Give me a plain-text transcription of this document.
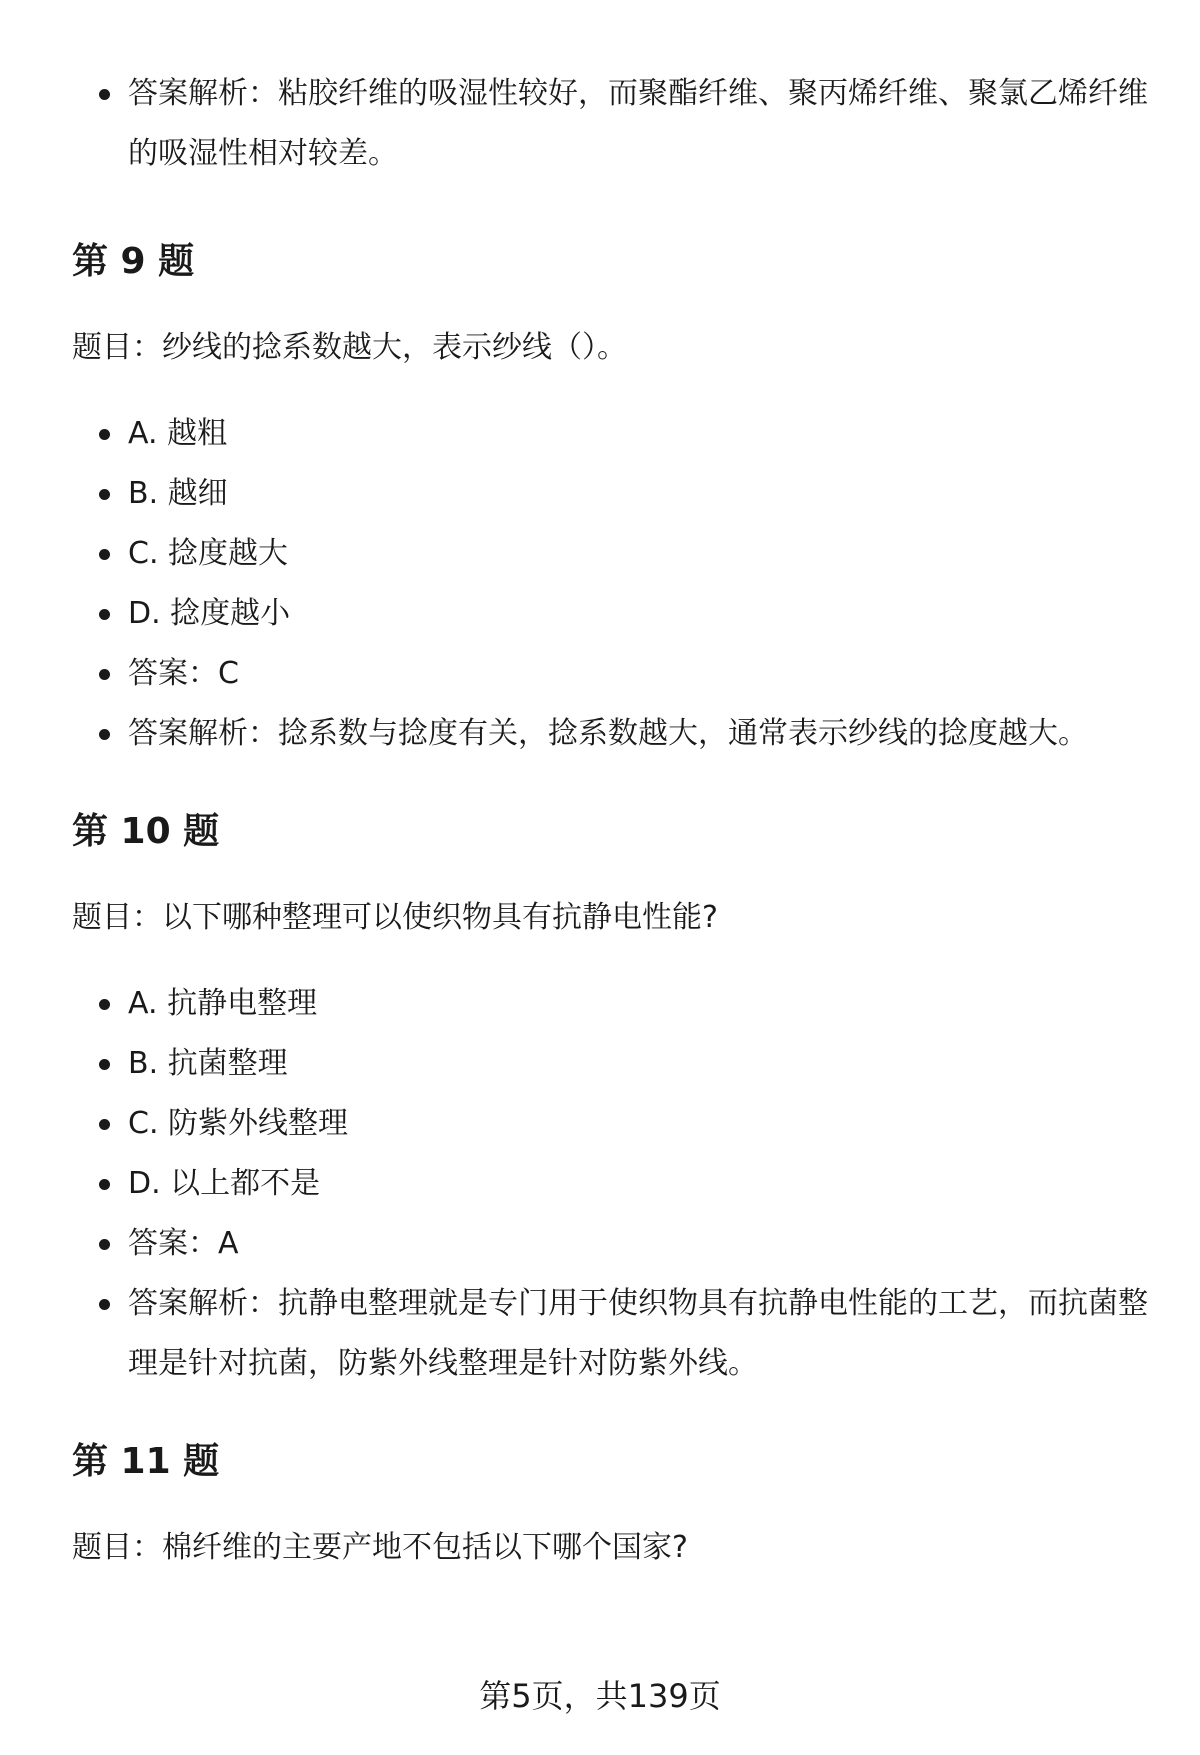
答案解析：粘胶纤维的吸湿性较好，而聚酯纤维、聚丙烯纤维、聚氯乙烯纤维的吸湿性相对较差。
第 9 题

题目：纱线的捻系数越大，表示纱线（）。

A. 越粗
B. 越细
C. 捻度越大
D. 捻度越小
答案：C
答案解析：捻系数与捻度有关，捻系数越大，通常表示纱线的捻度越大。
第 10 题

题目：以下哪种整理可以使织物具有抗静电性能?

A. 抗静电整理
B. 抗菌整理
C. 防紫外线整理
D. 以上都不是
答案：A
答案解析：抗静电整理就是专门用于使织物具有抗静电性能的工艺，而抗菌整理是针对抗菌，防紫外线整理是针对防紫外线。
第 11 题

题目：棉纤维的主要产地不包括以下哪个国家?

第5页，共139页
